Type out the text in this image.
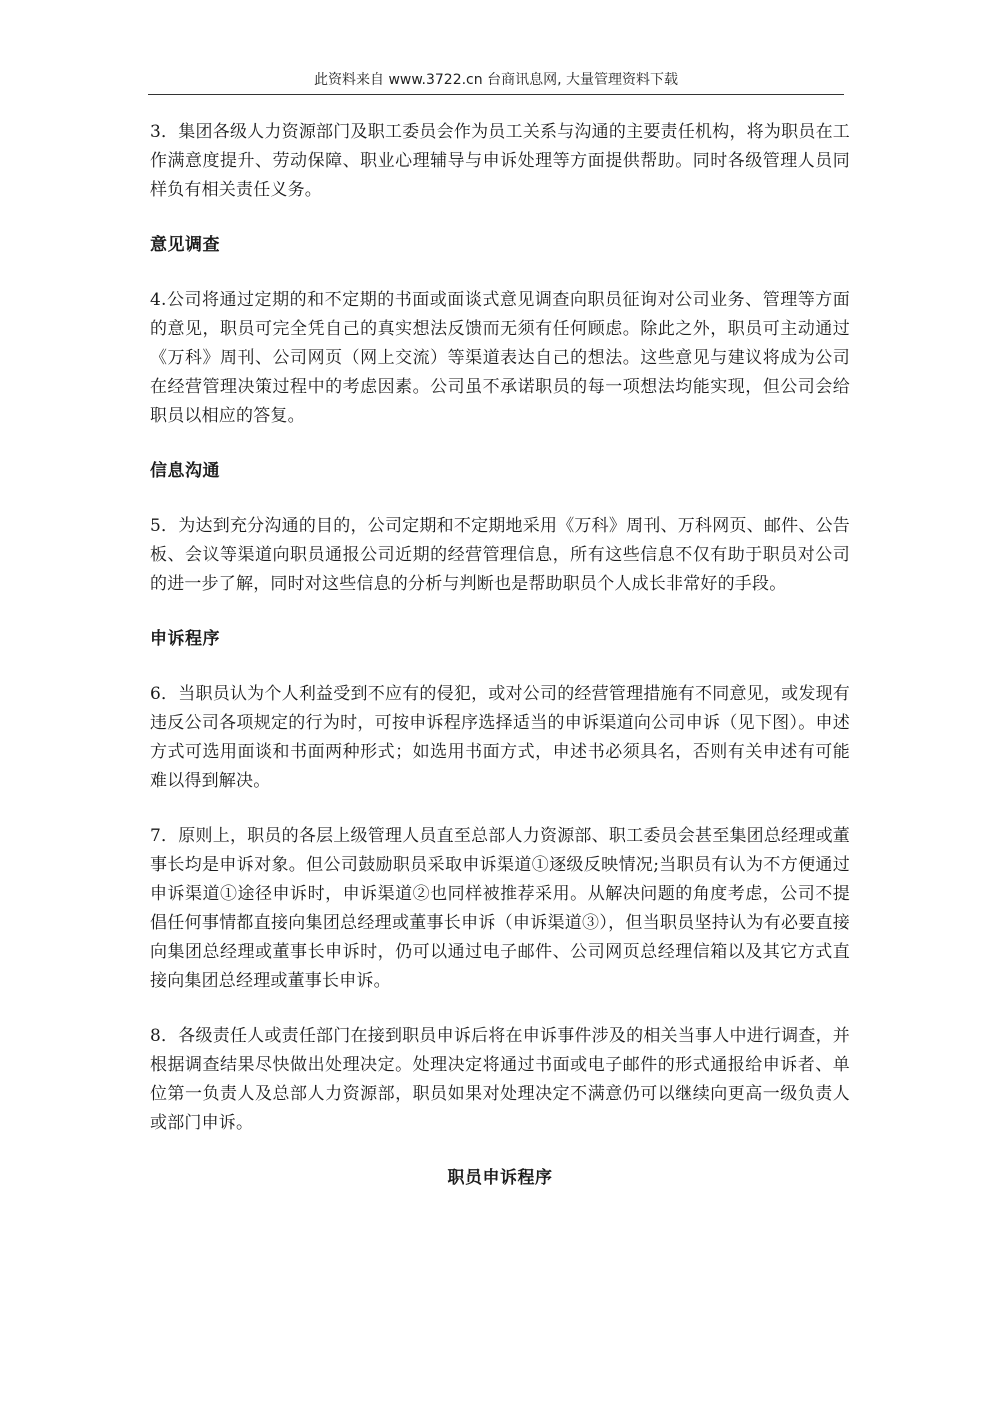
此资料来自 www.3722.cn 台商讯息网, 大量管理资料下载

3．集团各级人力资源部门及职工委员会作为员工关系与沟通的主要责任机构，将为职员在工作满意度提升、劳动保障、职业心理辅导与申诉处理等方面提供帮助。同时各级管理人员同样负有相关责任义务。

意见调查

4.公司将通过定期的和不定期的书面或面谈式意见调查向职员征询对公司业务、管理等方面的意见，职员可完全凭自己的真实想法反馈而无须有任何顾虑。除此之外，职员可主动通过《万科》周刊、公司网页（网上交流）等渠道表达自己的想法。这些意见与建议将成为公司在经营管理决策过程中的考虑因素。公司虽不承诺职员的每一项想法均能实现，但公司会给职员以相应的答复。

信息沟通

5．为达到充分沟通的目的，公司定期和不定期地采用《万科》周刊、万科网页、邮件、公告板、会议等渠道向职员通报公司近期的经营管理信息，所有这些信息不仅有助于职员对公司的进一步了解，同时对这些信息的分析与判断也是帮助职员个人成长非常好的手段。

申诉程序

6．当职员认为个人利益受到不应有的侵犯，或对公司的经营管理措施有不同意见，或发现有违反公司各项规定的行为时，可按申诉程序选择适当的申诉渠道向公司申诉（见下图）。申述方式可选用面谈和书面两种形式；如选用书面方式，申述书必须具名，否则有关申述有可能难以得到解决。

7．原则上，职员的各层上级管理人员直至总部人力资源部、职工委员会甚至集团总经理或董事长均是申诉对象。但公司鼓励职员采取申诉渠道①逐级反映情况;当职员有认为不方便通过申诉渠道①途径申诉时，申诉渠道②也同样被推荐采用。从解决问题的角度考虑，公司不提倡任何事情都直接向集团总经理或董事长申诉（申诉渠道③），但当职员坚持认为有必要直接向集团总经理或董事长申诉时，仍可以通过电子邮件、公司网页总经理信箱以及其它方式直接向集团总经理或董事长申诉。

8．各级责任人或责任部门在接到职员申诉后将在申诉事件涉及的相关当事人中进行调查，并根据调查结果尽快做出处理决定。处理决定将通过书面或电子邮件的形式通报给申诉者、单位第一负责人及总部人力资源部，职员如果对处理决定不满意仍可以继续向更高一级负责人或部门申诉。

职员申诉程序
